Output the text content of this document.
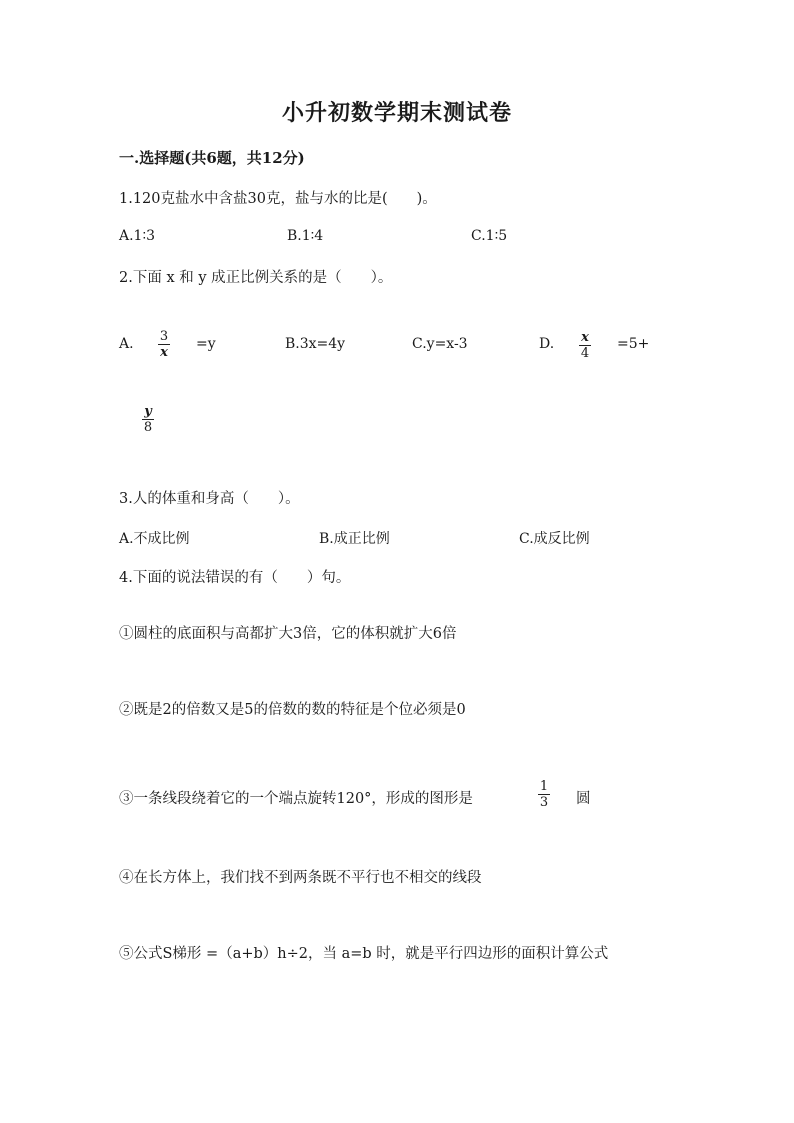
小升初数学期末测试卷
一.选择题(共6题，共12分)
1.120克盐水中含盐30克，盐与水的比是(　　)。
A.1∶3	B.1∶4	C.1∶5
2.下面 x 和 y 成正比例关系的是（　　）。
A. 3
x
=y	B.3x=4y	C.y=x-3	D. x
4
=5+
y
8
3.人的体重和身高（　　）。
A.不成比例	B.成正比例	C.成反比例
4.下面的说法错误的有（　　）句。
①圆柱的底面积与高都扩大3倍，它的体积就扩大6倍
②既是2的倍数又是5的倍数的数的特征是个位必须是0
③一条线段绕着它的一个端点旋转120°，形成的图形是
1
3 圆
④在长方体上，我们找不到两条既不平行也不相交的线段
⑤公式S梯形 =（a+b）h÷2，当 a=b 时，就是平行四边形的面积计算公式
